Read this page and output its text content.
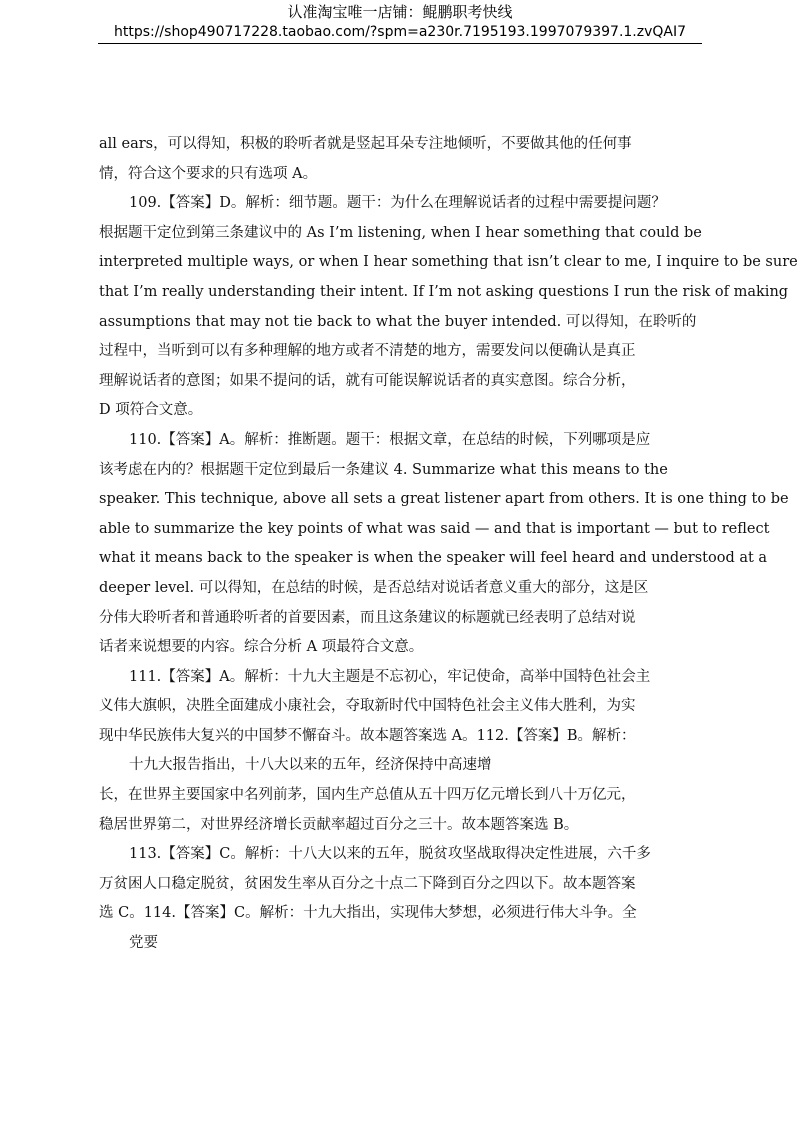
认准淘宝唯一店铺：鲲鹏职考快线
https://shop490717228.taobao.com/?spm=a230r.7195193.1997079397.1.zvQAI7
all ears，可以得知，积极的聆听者就是竖起耳朵专注地倾听，不要做其他的任何事
情，符合这个要求的只有选项 A。
109.【答案】D。解析：细节题。题干：为什么在理解说话者的过程中需要提问题？
根据题干定位到第三条建议中的 As I’m listening, when I hear something that could be
interpreted multiple ways, or when I hear something that isn’t clear to me, I inquire to be sure
that I’m really understanding their intent. If I’m not asking questions I run the risk of making
assumptions that may not tie back to what the buyer intended. 可以得知，在聆听的
过程中，当听到可以有多种理解的地方或者不清楚的地方，需要发问以便确认是真正
理解说话者的意图；如果不提问的话，就有可能误解说话者的真实意图。综合分析，
D 项符合文意。
110.【答案】A。解析：推断题。题干：根据文章，在总结的时候，下列哪项是应
该考虑在内的？根据题干定位到最后一条建议 4. Summarize what this means to the
speaker. This technique, above all sets a great listener apart from others. It is one thing to be
able to summarize the key points of what was said — and that is important — but to reflect
what it means back to the speaker is when the speaker will feel heard and understood at a
deeper level. 可以得知，在总结的时候，是否总结对说话者意义重大的部分，这是区
分伟大聆听者和普通聆听者的首要因素，而且这条建议的标题就已经表明了总结对说
话者来说想要的内容。综合分析 A 项最符合文意。
111.【答案】A。解析：十九大主题是不忘初心，牢记使命，高举中国特色社会主
义伟大旗帜，决胜全面建成小康社会，夺取新时代中国特色社会主义伟大胜利，为实
现中华民族伟大复兴的中国梦不懈奋斗。故本题答案选 A。112.【答案】B。解析：
十九大报告指出，十八大以来的五年，经济保持中高速增
长，在世界主要国家中名列前茅，国内生产总值从五十四万亿元增长到八十万亿元，
稳居世界第二，对世界经济增长贡献率超过百分之三十。故本题答案选 B。
113.【答案】C。解析：十八大以来的五年，脱贫攻坚战取得决定性进展，六千多
万贫困人口稳定脱贫，贫困发生率从百分之十点二下降到百分之四以下。故本题答案
选 C。114.【答案】C。解析：十九大指出，实现伟大梦想，必须进行伟大斗争。全
党要
